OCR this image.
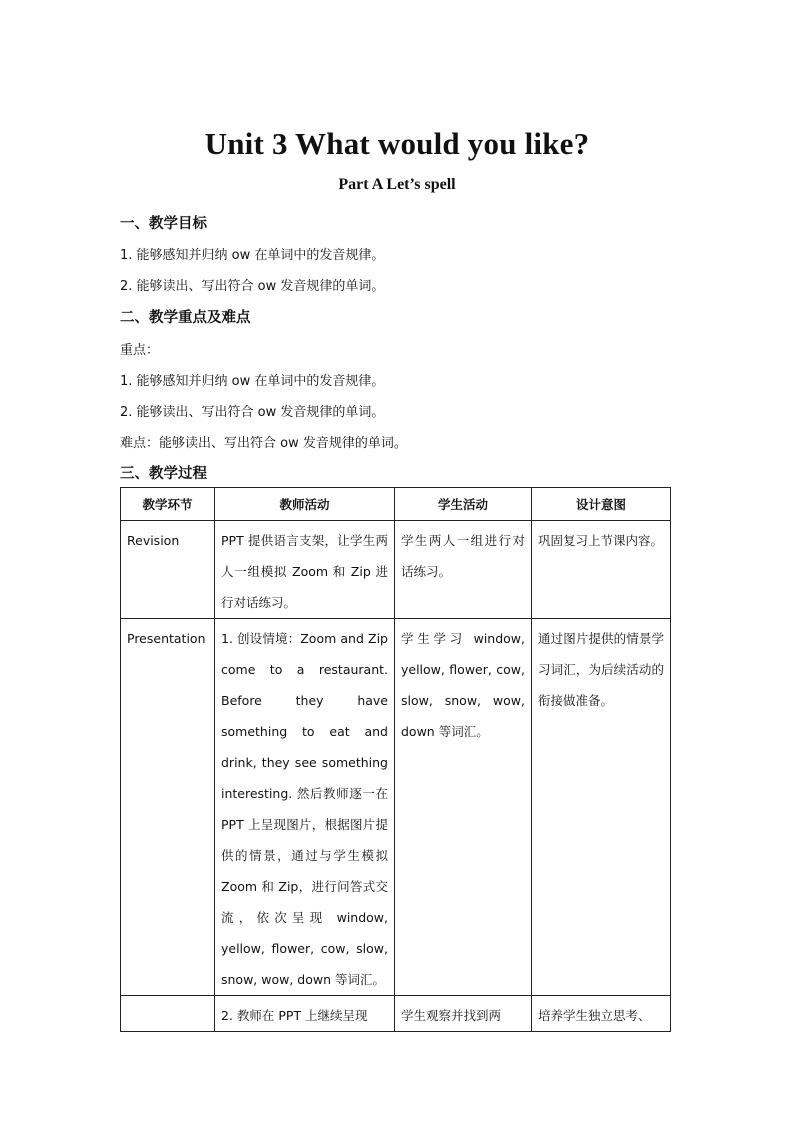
Unit 3 What would you like?
Part A Let’s spell
一、教学目标
1. 能够感知并归纳 ow 在单词中的发音规律。
2. 能够读出、写出符合 ow 发音规律的单词。
二、教学重点及难点
重点：
1. 能够感知并归纳 ow 在单词中的发音规律。
2. 能够读出、写出符合 ow 发音规律的单词。
难点：能够读出、写出符合 ow 发音规律的单词。
三、教学过程
教学环节	教师活动	学生活动	设计意图
Revision	PPT 提供语言支架，让学生两人一组模拟 Zoom 和 Zip 进行对话练习。	学生两人一组进行对话练习。	巩固复习上节课内容。
Presentation	1. 创设情境：Zoom and Zip come to a restaurant. Before they have something to eat and drink, they see something interesting. 然后教师逐一在 PPT 上呈现图片，根据图片提供的情景，通过与学生模拟 Zoom 和 Zip，进行问答式交流，依次呈现 window, yellow, flower, cow, slow, snow, wow, down 等词汇。	学生学习 window, yellow, flower, cow, slow, snow, wow, down 等词汇。	通过图片提供的情景学习词汇，为后续活动的衔接做准备。
	2. 教师在 PPT 上继续呈现	学生观察并找到两	培养学生独立思考、
